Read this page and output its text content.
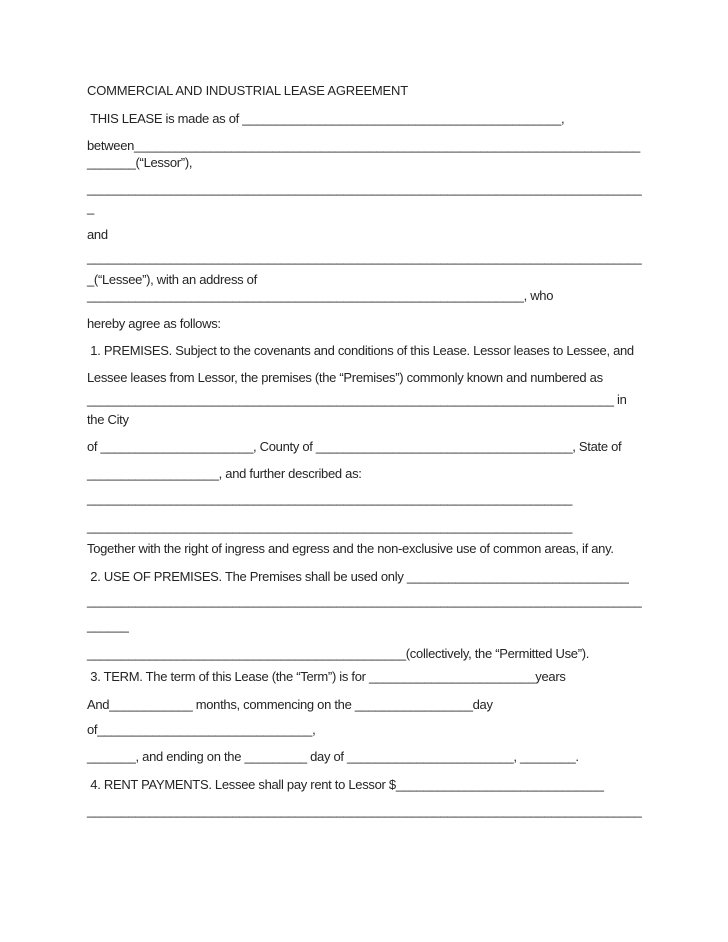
COMMERCIAL AND INDUSTRIAL LEASE AGREEMENT
THIS LEASE is made as of ______________________________________________,
between_________________________________________________________________________
_______(“Lessor”),
________________________________________________________________________________
_
and
________________________________________________________________________________
_(“Lessee”), with an address of
_______________________________________________________________, who
hereby agree as follows:
1. PREMISES. Subject to the covenants and conditions of this Lease. Lessor leases to Lessee, and
Lessee leases from Lessor, the premises (the “Premises”) commonly known and numbered as
____________________________________________________________________________ in
the City
of ______________________, County of _____________________________________, State of
___________________, and further described as:
______________________________________________________________________
______________________________________________________________________
Together with the right of ingress and egress and the non-exclusive use of common areas, if any.
2. USE OF PREMISES. The Premises shall be used only ________________________________
________________________________________________________________________________
______
______________________________________________(collectively, the “Permitted Use”).
3. TERM. The term of this Lease (the “Term”) is for ________________________years
And____________ months, commencing on the _________________day
of_______________________________,
_______, and ending on the _________ day of ________________________, ________.
4. RENT PAYMENTS. Lessee shall pay rent to Lessor $______________________________
________________________________________________________________________________
